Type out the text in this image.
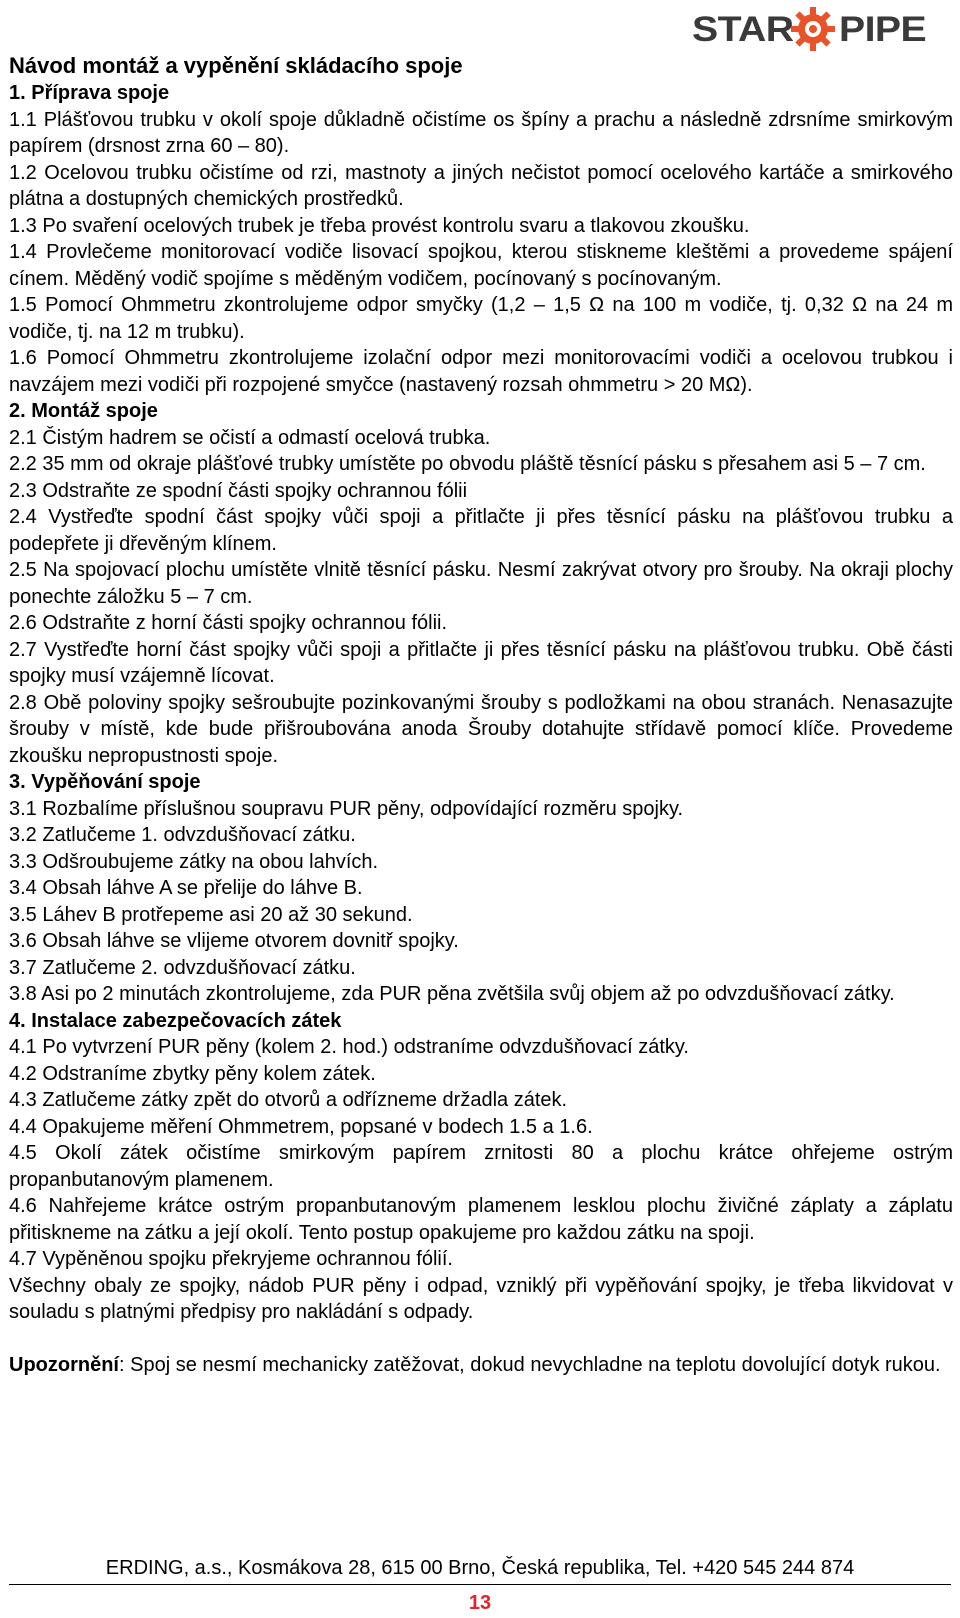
STAR PIPE

Návod montáž a vypěnění skládacího spoje

1. Příprava spoje

1.1 Plášťovou trubku v okolí spoje důkladně očistíme os špíny a prachu a následně zdrsníme smirkovým papírem (drsnost zrna 60 – 80).

1.2 Ocelovou trubku očistíme od rzi, mastnoty a jiných nečistot pomocí ocelového kartáče a smirkového plátna a dostupných chemických prostředků.

1.3 Po svaření ocelových trubek je třeba provést kontrolu svaru a tlakovou zkoušku.

1.4 Provlečeme monitorovací vodiče lisovací spojkou, kterou stiskneme kleštěmi a provedeme spájení cínem. Měděný vodič spojíme s měděným vodičem, pocínovaný s pocínovaným.

1.5 Pomocí Ohmmetru zkontrolujeme odpor smyčky (1,2 – 1,5 Ω na 100 m vodiče, tj. 0,32 Ω na 24 m vodiče, tj. na 12 m trubku).

1.6 Pomocí Ohmmetru zkontrolujeme izolační odpor mezi monitorovacími vodiči a ocelovou trubkou i navzájem mezi vodiči při rozpojené smyčce (nastavený rozsah ohmmetru > 20 MΩ).

2. Montáž spoje

2.1 Čistým hadrem se očistí a odmastí ocelová trubka.

2.2 35 mm od okraje plášťové trubky umístěte po obvodu pláště těsnící pásku s přesahem asi 5 – 7 cm.

2.3 Odstraňte ze spodní části spojky ochrannou fólii

2.4 Vystřeďte spodní část spojky vůči spoji a přitlačte ji přes těsnící pásku na plášťovou trubku a podepřete ji dřevěným klínem.

2.5 Na spojovací plochu umístěte vlnitě těsnící pásku. Nesmí zakrývat otvory pro šrouby. Na okraji plochy ponechte záložku 5 – 7 cm.

2.6 Odstraňte z horní části spojky ochrannou fólii.

2.7 Vystřeďte horní část spojky vůči spoji a přitlačte ji přes těsnící pásku na plášťovou trubku. Obě části spojky musí vzájemně lícovat.

2.8 Obě poloviny spojky sešroubujte pozinkovanými šrouby s podložkami na obou stranách. Nenasazujte šrouby v místě, kde bude přišroubována anoda Šrouby dotahujte střídavě pomocí klíče. Provedeme zkoušku nepropustnosti spoje.

3. Vypěňování spoje

3.1 Rozbalíme příslušnou soupravu PUR pěny, odpovídající rozměru spojky.

3.2 Zatlučeme 1. odvzdušňovací zátku.

3.3 Odšroubujeme zátky na obou lahvích.

3.4 Obsah láhve A se přelije do láhve B.

3.5 Láhev B protřepeme asi 20 až 30 sekund.

3.6 Obsah láhve se vlijeme otvorem dovnitř spojky.

3.7 Zatlučeme 2. odvzdušňovací zátku.

3.8 Asi po 2 minutách zkontrolujeme, zda PUR pěna zvětšila svůj objem až po odvzdušňovací zátky.

4. Instalace zabezpečovacích zátek

4.1 Po vytvrzení PUR pěny (kolem 2. hod.) odstraníme odvzdušňovací zátky.

4.2 Odstraníme zbytky pěny kolem zátek.

4.3 Zatlučeme zátky zpět do otvorů a odřízneme držadla zátek.

4.4 Opakujeme měření Ohmmetrem, popsané v bodech 1.5 a 1.6.

4.5 Okolí zátek očistíme smirkovým papírem zrnitosti 80 a plochu krátce ohřejeme ostrým propanbutanovým plamenem.

4.6 Nahřejeme krátce ostrým propanbutanovým plamenem lesklou plochu živičné záplaty a záplatu přitiskneme na zátku a její okolí. Tento postup opakujeme pro každou zátku na spoji.

4.7 Vypěněnou spojku překryjeme ochrannou fólií.

Všechny obaly ze spojky, nádob PUR pěny i odpad, vzniklý při vypěňování spojky, je třeba likvidovat v souladu s platnými předpisy pro nakládání s odpady.

Upozornění: Spoj se nesmí mechanicky zatěžovat, dokud nevychladne na teplotu dovolující dotyk rukou.

ERDING, a.s., Kosmákova 28, 615 00 Brno, Česká republika, Tel. +420 545 244 874
13
